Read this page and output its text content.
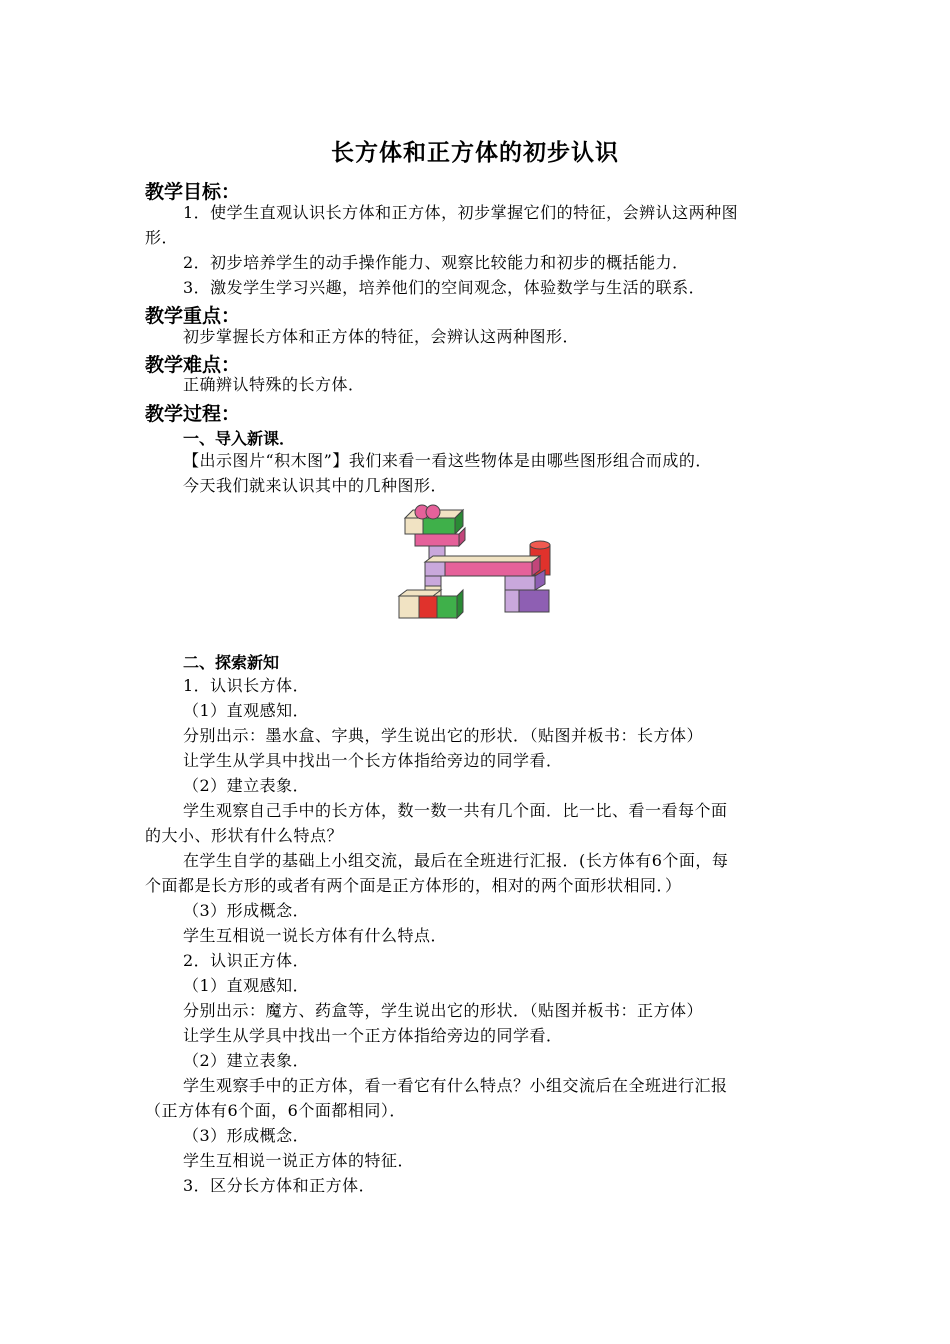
长方体和正方体的初步认识
教学目标：
1．使学生直观认识长方体和正方体，初步掌握它们的特征，会辨认这两种图
形．
2．初步培养学生的动手操作能力、观察比较能力和初步的概括能力．
3．激发学生学习兴趣，培养他们的空间观念，体验数学与生活的联系．
教学重点：
初步掌握长方体和正方体的特征，会辨认这两种图形．
教学难点：
正确辨认特殊的长方体．
教学过程：
一、导入新课．
【出示图片“积木图”】我们来看一看这些物体是由哪些图形组合而成的．
今天我们就来认识其中的几种图形．
二、探索新知
1．认识长方体．
（1）直观感知．
分别出示：墨水盒、字典，学生说出它的形状．（贴图并板书：长方体）
让学生从学具中找出一个长方体指给旁边的同学看．
（2）建立表象．
学生观察自己手中的长方体，数一数一共有几个面．比一比、看一看每个面
的大小、形状有什么特点？
在学生自学的基础上小组交流，最后在全班进行汇报．(长方体有6个面，每
个面都是长方形的或者有两个面是正方体形的，相对的两个面形状相同．）
（3）形成概念．
学生互相说一说长方体有什么特点．
2．认识正方体．
（1）直观感知．
分别出示：魔方、药盒等，学生说出它的形状．（贴图并板书：正方体）
让学生从学具中找出一个正方体指给旁边的同学看．
（2）建立表象．
学生观察手中的正方体，看一看它有什么特点？小组交流后在全班进行汇报
（正方体有6个面，6个面都相同）．
（3）形成概念．
学生互相说一说正方体的特征．
3．区分长方体和正方体．
